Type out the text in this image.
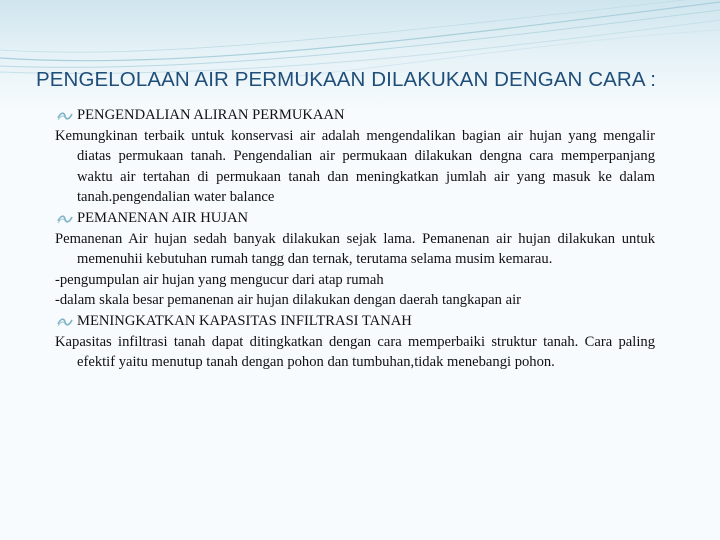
PENGELOLAAN AIR PERMUKAAN DILAKUKAN DENGAN CARA :
PENGENDALIAN ALIRAN PERMUKAAN
Kemungkinan terbaik untuk konservasi air adalah mengendalikan bagian air hujan yang mengalir diatas permukaan tanah. Pengendalian air permukaan dilakukan dengna cara memperpanjang waktu air tertahan di permukaan tanah dan meningkatkan jumlah air yang masuk ke dalam tanah.pengendalian water balance
PEMANENAN AIR HUJAN
Pemanenan Air hujan sedah banyak dilakukan sejak lama. Pemanenan air hujan dilakukan untuk memenuhii kebutuhan rumah tangg dan ternak, terutama selama musim kemarau.
-pengumpulan air hujan yang mengucur dari atap rumah
-dalam skala besar pemanenan air hujan dilakukan dengan daerah tangkapan air
MENINGKATKAN KAPASITAS INFILTRASI TANAH
Kapasitas infiltrasi tanah dapat ditingkatkan dengan cara memperbaiki struktur tanah. Cara paling efektif yaitu menutup tanah dengan pohon dan tumbuhan,tidak menebangi pohon.
